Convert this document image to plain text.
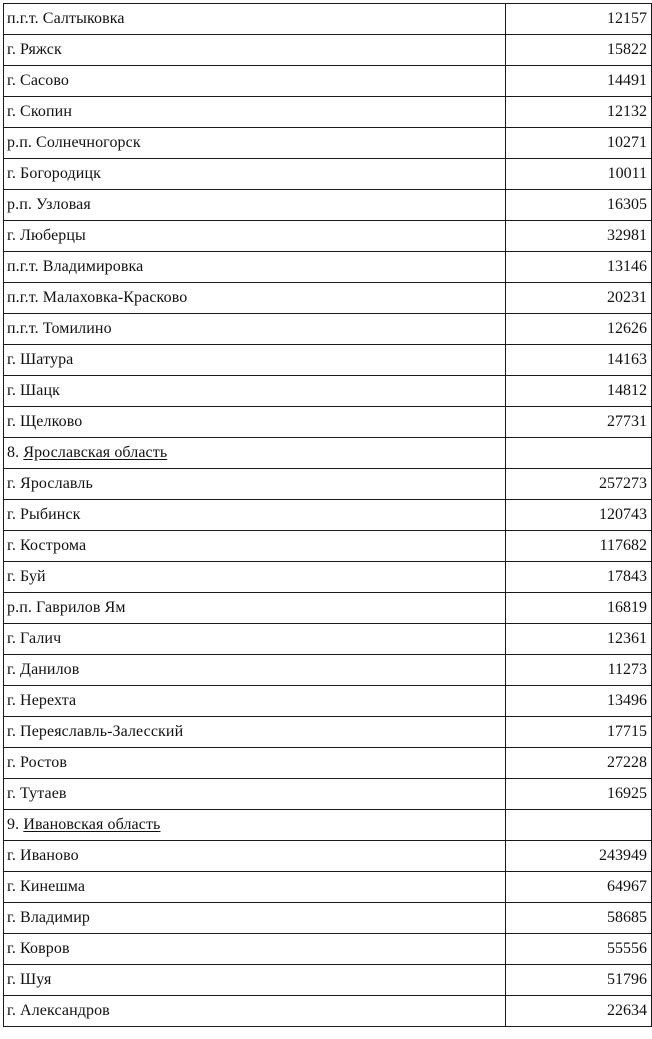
п.г.т. Салтыковка	12157
г. Ряжск	15822
г. Сасово	14491
г. Скопин	12132
р.п. Солнечногорск	10271
г. Богородицк	10011
р.п. Узловая	16305
г. Люберцы	32981
п.г.т. Владимировка	13146
п.г.т. Малаховка-Красково	20231
п.г.т. Томилино	12626
г. Шатура	14163
г. Шацк	14812
г. Щелково	27731
8. Ярославская область	
г. Ярославль	257273
г. Рыбинск	120743
г. Кострома	117682
г. Буй	17843
р.п. Гаврилов Ям	16819
г. Галич	12361
г. Данилов	11273
г. Нерехта	13496
г. Переяславль-Залесский	17715
г. Ростов	27228
г. Тутаев	16925
9. Ивановская область	
г. Иваново	243949
г. Кинешма	64967
г. Владимир	58685
г. Ковров	55556
г. Шуя	51796
г. Александров	22634
